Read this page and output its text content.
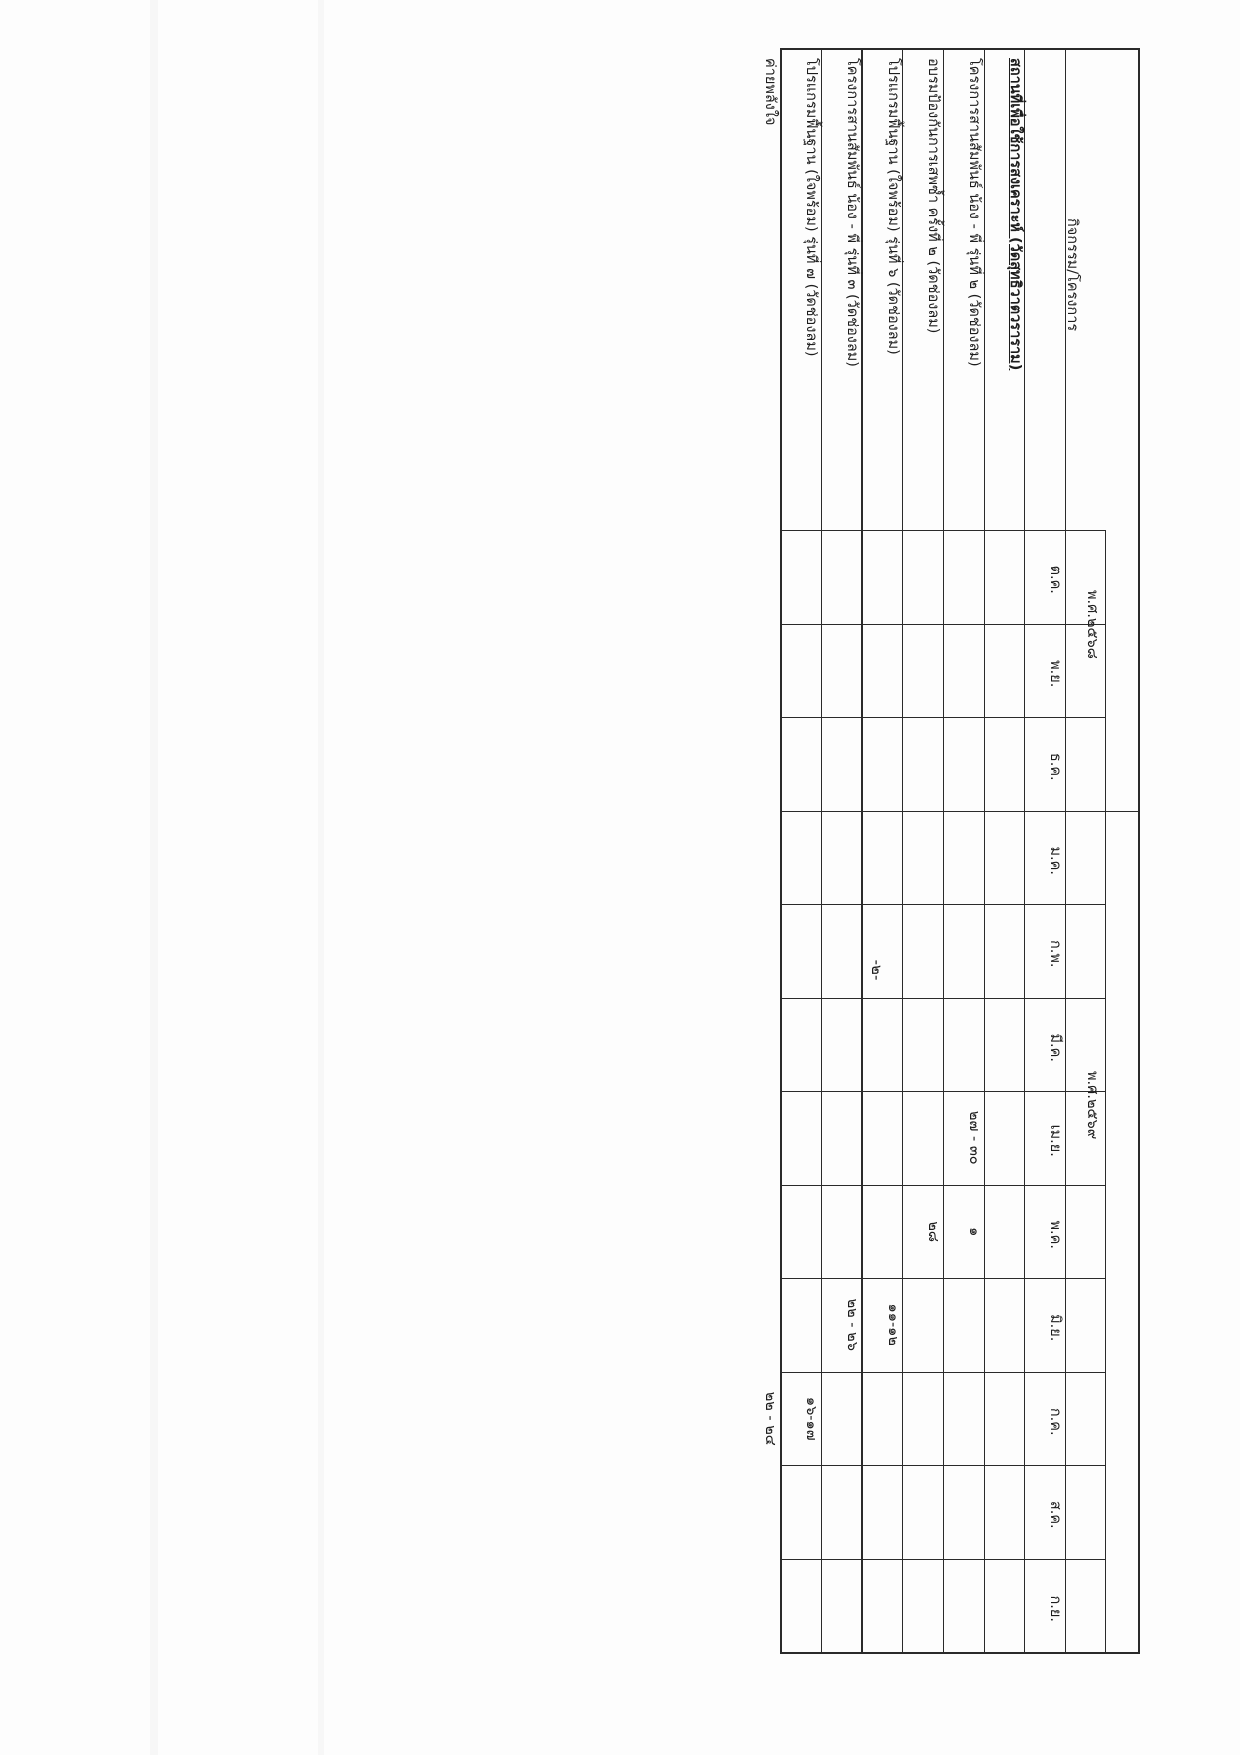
-๒-
กิจกรรม/โครงการ
พ.ศ.๒๕๖๘
พ.ศ.๒๕๖๙
ต.ค.
พ.ย.
ธ.ค.
ม.ค.
ก.พ.
มี.ค.
เม.ย.
พ.ค.
มิ.ย.
ก.ค.
ส.ค.
ก.ย.
สถานที่เพื่อใช้การสงเคราะห์ (วัดสุทธิวาตวราราม)
โครงการสานสัมพันธ์ น้อง - พี่ รุ่นที่ ๒ (วัดช่องลม)
๒๗ - ๓๐
๑
อบรมป้องกันการเสพซ้ำ ครั้งที่ ๒ (วัดช่องลม)
๒๘
โปรแกรมฟื้นฐาน (ใจพร้อม) รุ่นที่ ๖ (วัดช่องลม)
๑๑-๑๒
โครงการสานสัมพันธ์ น้อง - พี่ รุ่นที่ ๓ (วัดช่องลม)
๒๒ - ๒๖
โปรแกรมฟื้นฐาน (ใจพร้อม) รุ่นที่ ๗ (วัดช่องลม)
๑๖-๑๗
ค่ายพลังใจ
๒๒ - ๒๔
